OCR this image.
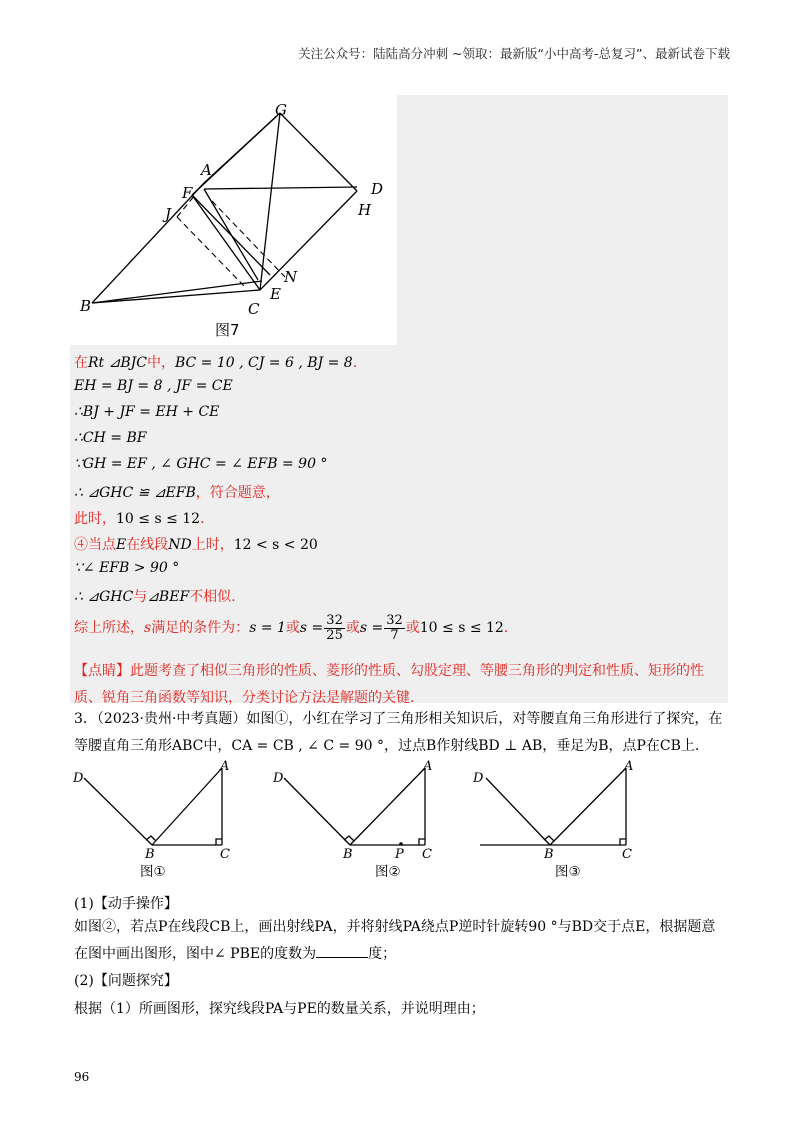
关注公众号：陆陆高分冲刺 ~领取：最新版“小中高考-总复习”、最新试卷下载
G
A
F	D
J	H
N
E
B	C
图7
在Rt ⊿BJC中，BC = 10 , CJ = 6 , BJ = 8.
EH = BJ = 8 , JF = CE
∴BJ + JF = EH + CE
∴CH = BF
∵GH = EF , ∠ GHC = ∠ EFB = 90 °
∴ ⊿GHC ≌ ⊿EFB，符合题意，
此时，10 ≤ s ≤ 12.
④当点E在线段ND上时，12 < s < 20
∵∠ EFB > 90 °
∴ ⊿GHC与⊿BEF不相似.
综上所述，s满足的条件为：s = 1或$s = \frac{32}{25}$ 或$s = \frac{32}{7}$ 或10 ≤ s ≤ 12.
【点睛】此题考查了相似三角形的性质、菱形的性质、勾股定理、等腰三角形的判定和性质、矩形的性质、锐角三角函数等知识，分类讨论方法是解题的关键.
3．（2023·贵州·中考真题）如图①，小红在学习了三角形相关知识后，对等腰直角三角形进行了探究，在等腰直角三角形ABC中，CA = CB , ∠ C = 90 °，过点B作射线BD ⊥ AB，垂足为B，点P在CB上.
D
A
B	C
图①
D
A
B	P C
图②
D
A
B	C
图③
(1)【动手操作】
如图②，若点P在线段CB上，画出射线PA，并将射线PA绕点P逆时针旋转90 °与BD交于点E，根据题意在图中画出图形，图中∠ PBE的度数为	度；
(2)【问题探究】
根据（1）所画图形，探究线段PA与PE的数量关系，并说明理由；
96
